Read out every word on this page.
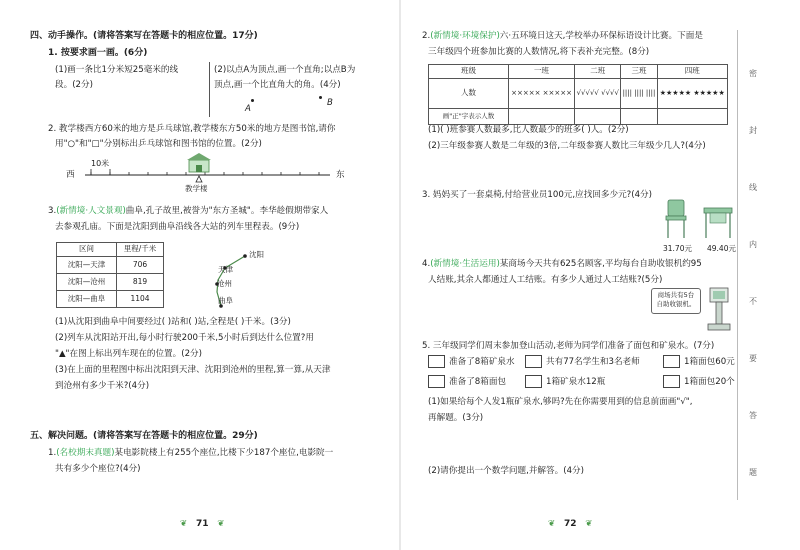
四、动手操作。(请将答案写在答题卡的相应位置。17分)
1. 按要求画一画。(6分)
(1)画一条比1分米短25毫米的线
段。(2分)
(2)以点A为顶点,画一个直角;以点B为
顶点,画一个比直角大的角。(4分)
A
B
2. 教学楼西方60米的地方是乒乓球馆,教学楼东方50米的地方是图书馆,请你
用"○"和"□"分别标出乒乓球馆和图书馆的位置。(2分)
10米
西	东
教学楼
3.(新情境·人文景观)曲阜,孔子故里,被誉为"东方圣城"。李华趁假期带家人
去参观孔庙。下面是沈阳到曲阜沿线各大站的列车里程表。(9分)
区间	里程/千米
沈阳—天津	706
沈阳—沧州	819
沈阳—曲阜	1104
沈阳
天津
沧州
曲阜
(1)从沈阳到曲阜中间要经过( )站和( )站,全程是( )千米。(3分)
(2)列车从沈阳站开出,每小时行驶200千米,5小时后到达什么位置?用
"▲"在图上标出列车现在的位置。(2分)
(3)在上面的里程图中标出沈阳到天津、沈阳到沧州的里程,算一算,从天津
到沧州有多少千米?(4分)
五、解决问题。(请将答案写在答题卡的相应位置。29分)
1.(名校期末真题)某电影院楼上有255个座位,比楼下少187个座位,电影院一
共有多少个座位?(4分)
❦ 71 ❦
2.(新情境·环境保护)六·五环境日这天,学校举办环保标语设计比赛。下面是
三年级四个班参加比赛的人数情况,将下表补充完整。(8分)
班级	一班	二班	三班	四班
人数	××××× ×××××	√√√√√ √√√√	|||| |||| ||||	★★★★★ ★★★★★
画"正"字表示人数				
(1)( )班参赛人数最多,比人数最少的班多( )人。(2分)
(2)三年级参赛人数是二年级的3倍,二年级参赛人数比三年级少几人?(4分)
3. 妈妈买了一套桌椅,付给营业员100元,应找回多少元?(4分)
31.70元 49.40元
4.(新情境·生活运用)某商场今天共有625名顾客,平均每台自助收银机约95
人结账,其余人都通过人工结账。有多少人通过人工结账?(5分)
商场共有5台
自助收银机。
5. 三年级同学们周末参加登山活动,老师为同学们准备了面包和矿泉水。(7分)
准备了8箱矿泉水	共有77名学生和3名老师	1箱面包60元
准备了8箱面包	1箱矿泉水12瓶	1箱面包20个
(1)如果给每个人发1瓶矿泉水,够吗?先在你需要用到的信息前面画"√",
再解题。(3分)
(2)请你提出一个数学问题,并解答。(4分)
❦ 72 ❦
密
封
线
内
不
要
答
题
